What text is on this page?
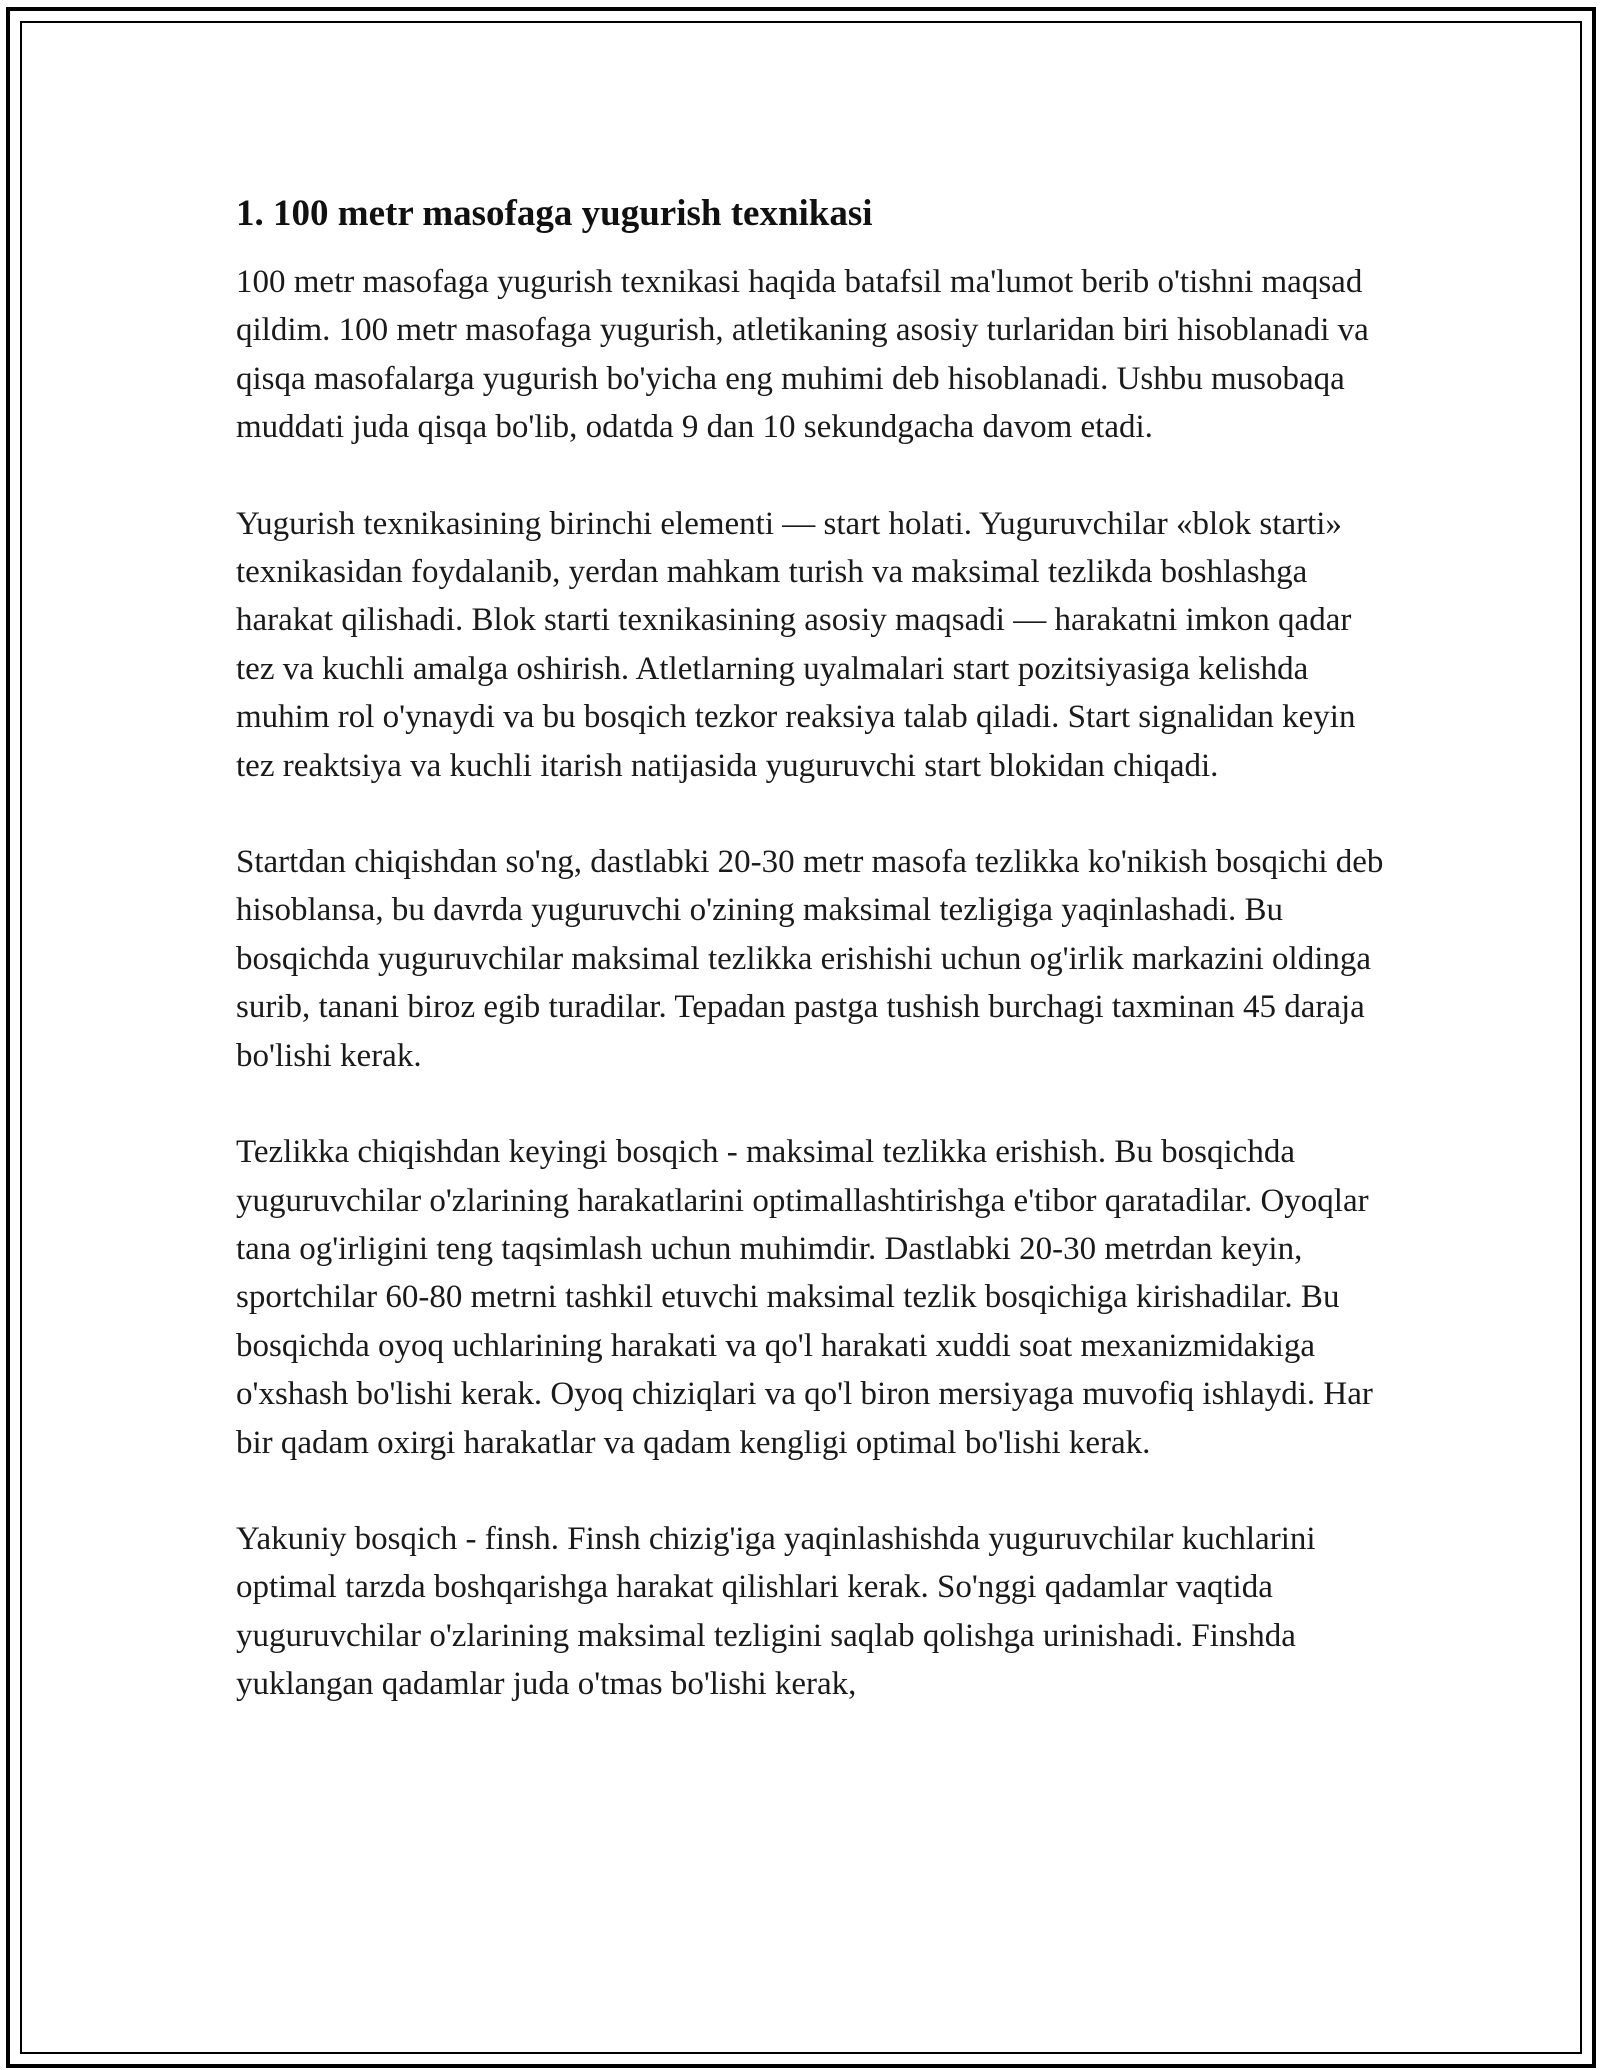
1. 100 metr masofaga yugurish texnikasi

100 metr masofaga yugurish texnikasi haqida batafsil ma'lumot berib o'tishni maqsad qildim. 100 metr masofaga yugurish, atletikaning asosiy turlaridan biri hisoblanadi va qisqa masofalarga yugurish bo'yicha eng muhimi deb hisoblanadi. Ushbu musobaqa muddati juda qisqa bo'lib, odatda 9 dan 10 sekundgacha davom etadi.

Yugurish texnikasining birinchi elementi — start holati. Yuguruvchilar «blok starti» texnikasidan foydalanib, yerdan mahkam turish va maksimal tezlikda boshlashga harakat qilishadi. Blok starti texnikasining asosiy maqsadi — harakatni imkon qadar tez va kuchli amalga oshirish. Atletlarning uyalmalari start pozitsiyasiga kelishda muhim rol o'ynaydi va bu bosqich tezkor reaksiya talab qiladi. Start signalidan keyin tez reaktsiya va kuchli itarish natijasida yuguruvchi start blokidan chiqadi.

Startdan chiqishdan so'ng, dastlabki 20-30 metr masofa tezlikka ko'nikish bosqichi deb hisoblansa, bu davrda yuguruvchi o'zining maksimal tezligiga yaqinlashadi. Bu bosqichda yuguruvchilar maksimal tezlikka erishishi uchun og'irlik markazini oldinga surib, tanani biroz egib turadilar. Tepadan pastga tushish burchagi taxminan 45 daraja bo'lishi kerak.

Tezlikka chiqishdan keyingi bosqich - maksimal tezlikka erishish. Bu bosqichda yuguruvchilar o'zlarining harakatlarini optimallashtirishga e'tibor qaratadilar. Oyoqlar tana og'irligini teng taqsimlash uchun muhimdir. Dastlabki 20-30 metrdan keyin, sportchilar 60-80 metrni tashkil etuvchi maksimal tezlik bosqichiga kirishadilar. Bu bosqichda oyoq uchlarining harakati va qo'l harakati xuddi soat mexanizmidakiga o'xshash bo'lishi kerak. Oyoq chiziqlari va qo'l biron mersiyaga muvofiq ishlaydi. Har bir qadam oxirgi harakatlar va qadam kengligi optimal bo'lishi kerak.

Yakuniy bosqich - finsh. Finsh chizig'iga yaqinlashishda yuguruvchilar kuchlarini optimal tarzda boshqarishga harakat qilishlari kerak. So'nggi qadamlar vaqtida yuguruvchilar o'zlarining maksimal tezligini saqlab qolishga urinishadi. Finshda yuklangan qadamlar juda o'tmas bo'lishi kerak,
